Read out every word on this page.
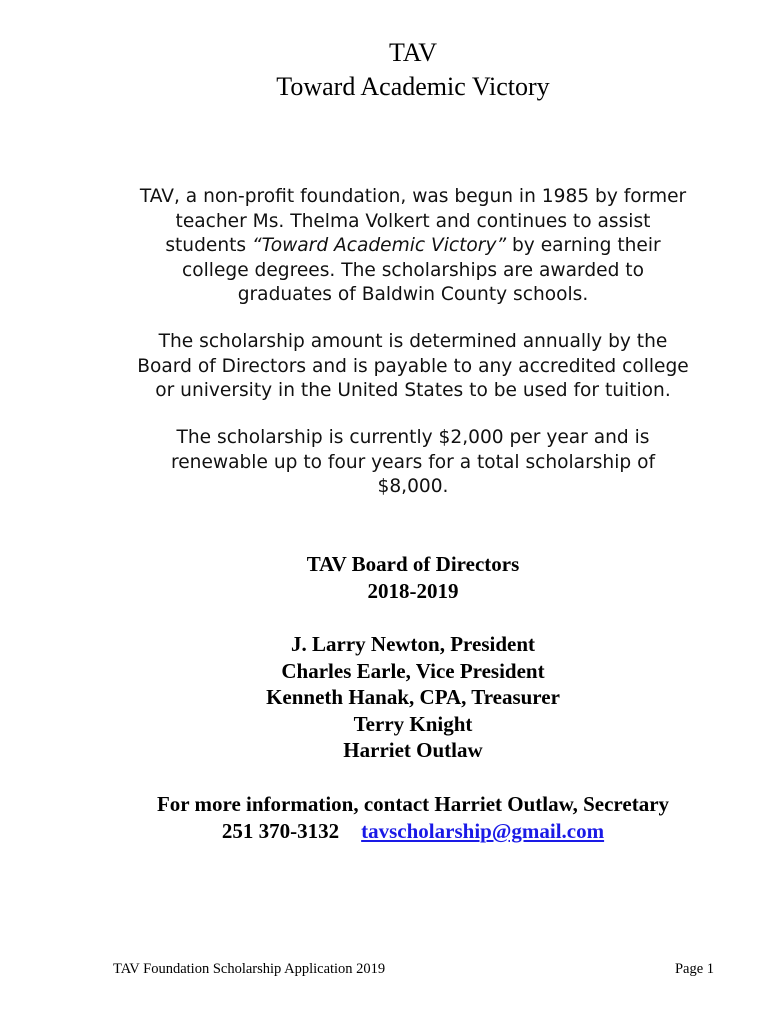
TAV
Toward Academic Victory
TAV, a non-profit foundation, was begun in 1985 by former
teacher Ms. Thelma Volkert and continues to assist
students “Toward Academic Victory” by earning their
college degrees. The scholarships are awarded to
graduates of Baldwin County schools.
The scholarship amount is determined annually by the
Board of Directors and is payable to any accredited college
or university in the United States to be used for tuition.
The scholarship is currently $2,000 per year and is
renewable up to four years for a total scholarship of
$8,000.
TAV Board of Directors
2018-2019
J. Larry Newton, President
Charles Earle, Vice President
Kenneth Hanak, CPA, Treasurer
Terry Knight
Harriet Outlaw
For more information, contact Harriet Outlaw, Secretary
251 370-3132 tavscholarship@gmail.com
TAV Foundation Scholarship Application 2019	Page 1
